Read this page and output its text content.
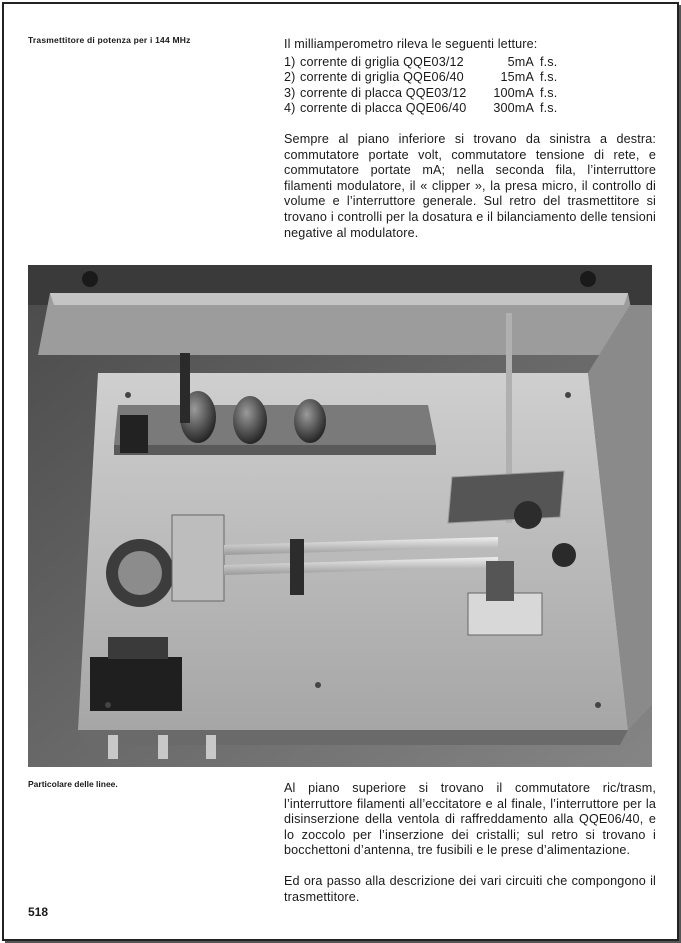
Trasmettitore di potenza per i 144 MHz	Il milliamperometro rileva le seguenti letture:

1) corrente di griglia QQE03/12	5mA f.s.
2) corrente di griglia QQE06/40	15mA f.s.
3) corrente di placca QQE03/12	100mA f.s.
4) corrente di placca QQE06/40	300mA f.s.

Sempre al piano inferiore si trovano da sinistra a destra: commutatore portate volt, commutatore tensione di rete, e commutatore portate mA; nella seconda fila, l’interruttore filamenti modulatore, il « clipper », la presa micro, il controllo di volume e l’interruttore generale. Sul retro del trasmettitore si trovano i controlli per la dosatura e il bilanciamento delle tensioni negative al modulatore.

Particolare delle linee.	Al piano superiore si trovano il commutatore ric/trasm, l’interruttore filamenti all’eccitatore e al finale, l’interruttore per la disinserzione della ventola di raffreddamento alla QQE06/40, e lo zoccolo per l’inserzione dei cristalli; sul retro si trovano i bocchettoni d’antenna, tre fusibili e le prese d’alimentazione.

Ed ora passo alla descrizione dei vari circuiti che compongono il trasmettitore.

518
